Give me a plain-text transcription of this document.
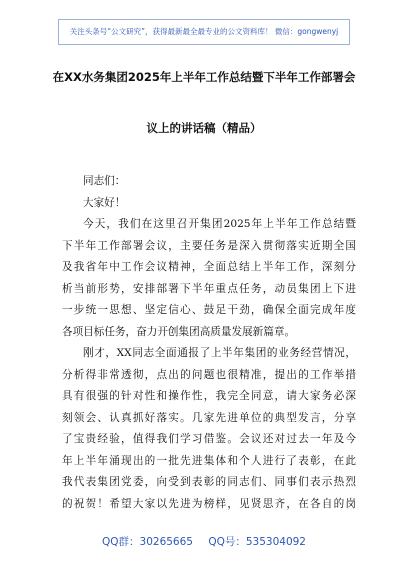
关注头条号“公文研究”，获得最新最全最专业的公文资料库！ 微信：gongwenyj
在XX水务集团2025年上半年工作总结暨下半年工作部署会
议上的讲话稿（精品）
同志们：
大家好！
今天，我们在这里召开集团2025年上半年工作总结暨
下半年工作部署会议，主要任务是深入贯彻落实近期全国
及我省年中工作会议精神，全面总结上半年工作，深刻分
析当前形势，安排部署下半年重点任务，动员集团上下进
一步统一思想、坚定信心、鼓足干劲，确保全面完成年度
各项目标任务，奋力开创集团高质量发展新篇章。
刚才，XX同志全面通报了上半年集团的业务经营情况，
分析得非常透彻，点出的问题也很精准，提出的工作举措
具有很强的针对性和操作性，我完全同意，请大家务必深
刻领会、认真抓好落实。几家先进单位的典型发言，分享
了宝贵经验，值得我们学习借鉴。会议还对过去一年及今
年上半年涌现出的一批先进集体和个人进行了表彰，在此
我代表集团党委，向受到表彰的同志们、同事们表示热烈
的祝贺！希望大家以先进为榜样，见贤思齐，在各自的岗
QQ群：30265665 QQ号：535304092
